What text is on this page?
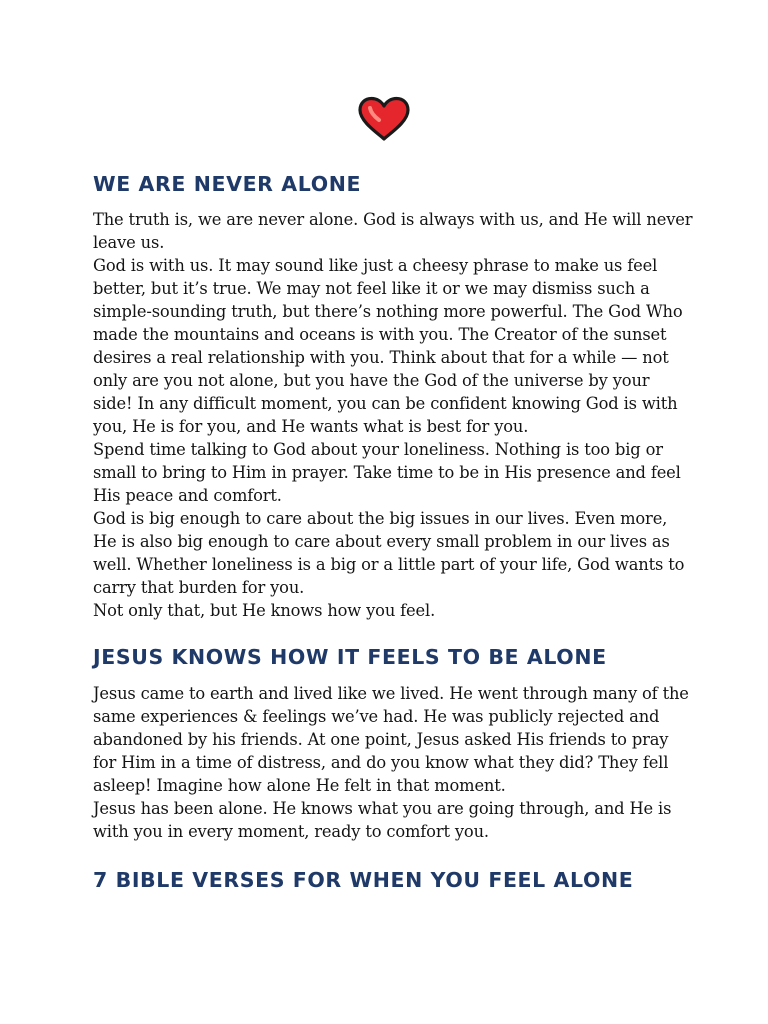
WE ARE NEVER ALONE

The truth is, we are never alone. God is always with us, and He will never leave us.

God is with us. It may sound like just a cheesy phrase to make us feel better, but it’s true. We may not feel like it or we may dismiss such a simple-sounding truth, but there’s nothing more powerful. The God Who made the mountains and oceans is with you. The Creator of the sunset desires a real relationship with you. Think about that for a while — not only are you not alone, but you have the God of the universe by your side! In any difficult moment, you can be confident knowing God is with you, He is for you, and He wants what is best for you.

Spend time talking to God about your loneliness. Nothing is too big or small to bring to Him in prayer. Take time to be in His presence and feel His peace and comfort.

God is big enough to care about the big issues in our lives. Even more, He is also big enough to care about every small problem in our lives as well. Whether loneliness is a big or a little part of your life, God wants to carry that burden for you.

Not only that, but He knows how you feel.

JESUS KNOWS HOW IT FEELS TO BE ALONE

Jesus came to earth and lived like we lived. He went through many of the same experiences & feelings we’ve had. He was publicly rejected and abandoned by his friends. At one point, Jesus asked His friends to pray for Him in a time of distress, and do you know what they did? They fell asleep! Imagine how alone He felt in that moment.

Jesus has been alone. He knows what you are going through, and He is with you in every moment, ready to comfort you.

7 BIBLE VERSES FOR WHEN YOU FEEL ALONE
